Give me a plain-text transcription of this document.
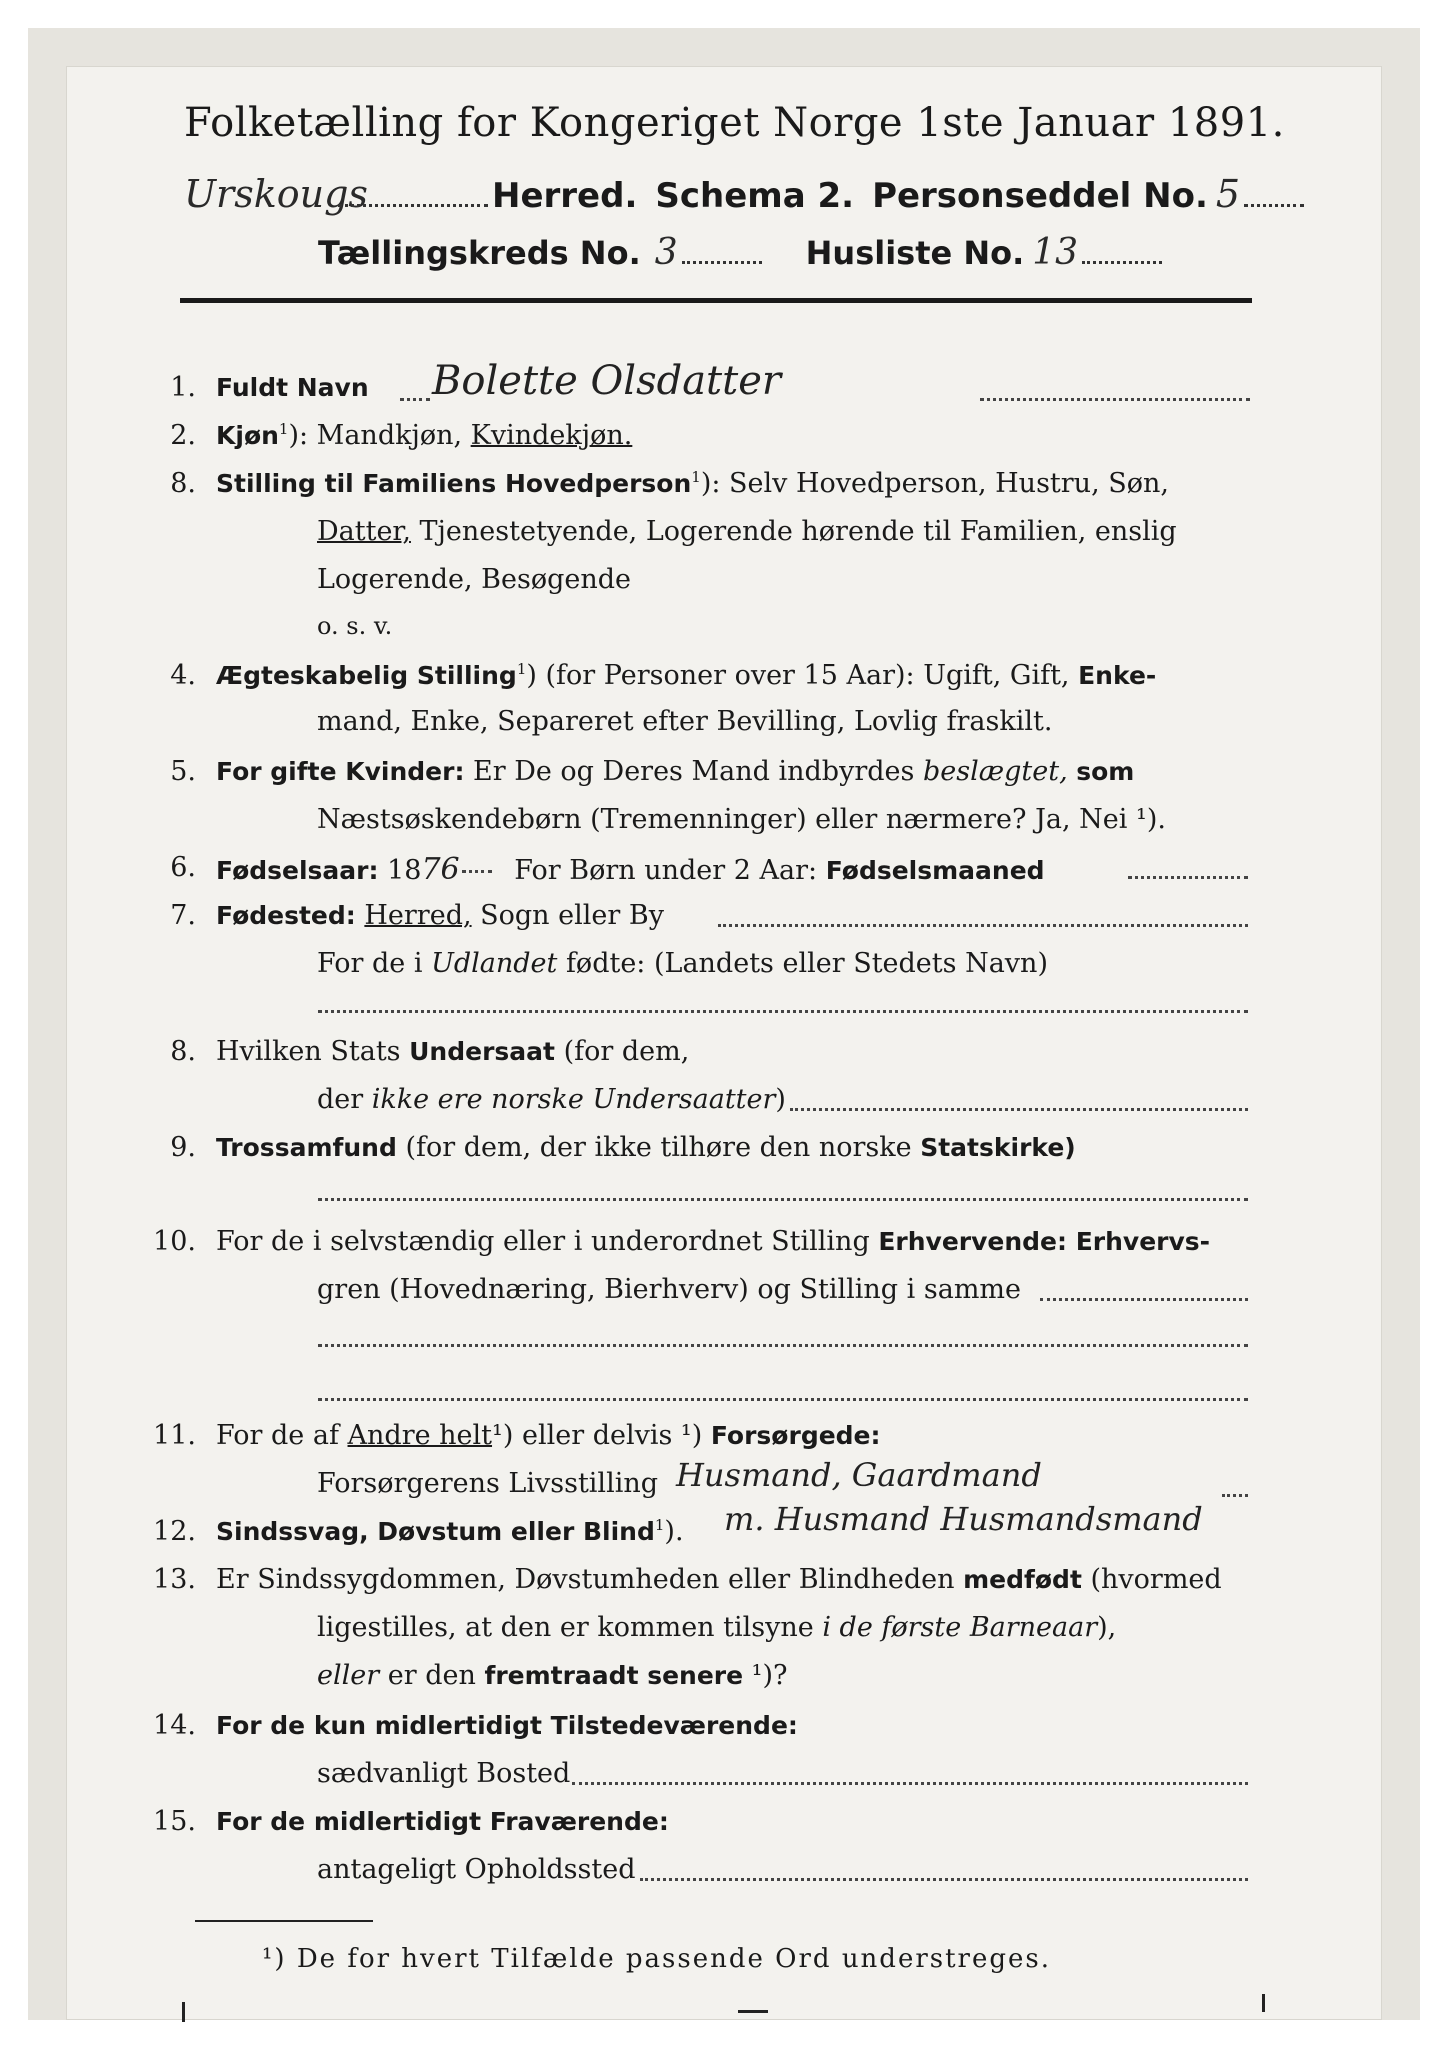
Folketælling for Kongeriget Norge 1ste Januar 1891.
Urskougs	Herred. Schema 2. Personseddel No. 5
Tællingskreds No. 3	Husliste No. 13
1. Fuldt Navn Bolette Olsdatter
2. Kjøn$^1$): Mandkjøn, Kvindekjøn.
8. Stilling til Familiens Hovedperson$^1$): Selv Hovedperson, Hustru, Søn,
Datter, Tjenestetyende, Logerende hørende til Familien, enslig
Logerende, Besøgende
o. s. v.
4. Ægteskabelig Stilling$^1$) (for Personer over 15 Aar): Ugift, Gift, Enke-
mand, Enke, Separeret efter Bevilling, Lovlig fraskilt.
5. For gifte Kvinder: Er De og Deres Mand indbyrdes beslægtet, som
Næstsøskendebørn (Tremenninger) eller nærmere? Ja, Nei ¹).
6. Fødselsaar: 1876 For Børn under 2 Aar: Fødselsmaaned
7. Fødested: Herred, Sogn eller By
For de i Udlandet fødte: (Landets eller Stedets Navn)
8. Hvilken Stats Undersaat (for dem,
der ikke ere norske Undersaatter)
9. Trossamfund (for dem, der ikke tilhøre den norske Statskirke)
10. For de i selvstændig eller i underordnet Stilling Erhvervende: Erhvervs-
gren (Hovednæring, Bierhverv) og Stilling i samme
11. For de af Andre helt¹) eller delvis ¹) Forsørgede:
Forsørgerens Livsstilling Husmand, Gaardmand
12. Sindssvag, Døvstum eller Blind$^1$). m. Husmand Husmandsmand
13. Er Sindssygdommen, Døvstumheden eller Blindheden medfødt (hvormed
ligestilles, at den er kommen tilsyne i de første Barneaar),
eller er den fremtraadt senere ¹)?
14. For de kun midlertidigt Tilstedeværende:
sædvanligt Bosted
15. For de midlertidigt Fraværende:
antageligt Opholdssted
¹) De for hvert Tilfælde passende Ord understreges.
